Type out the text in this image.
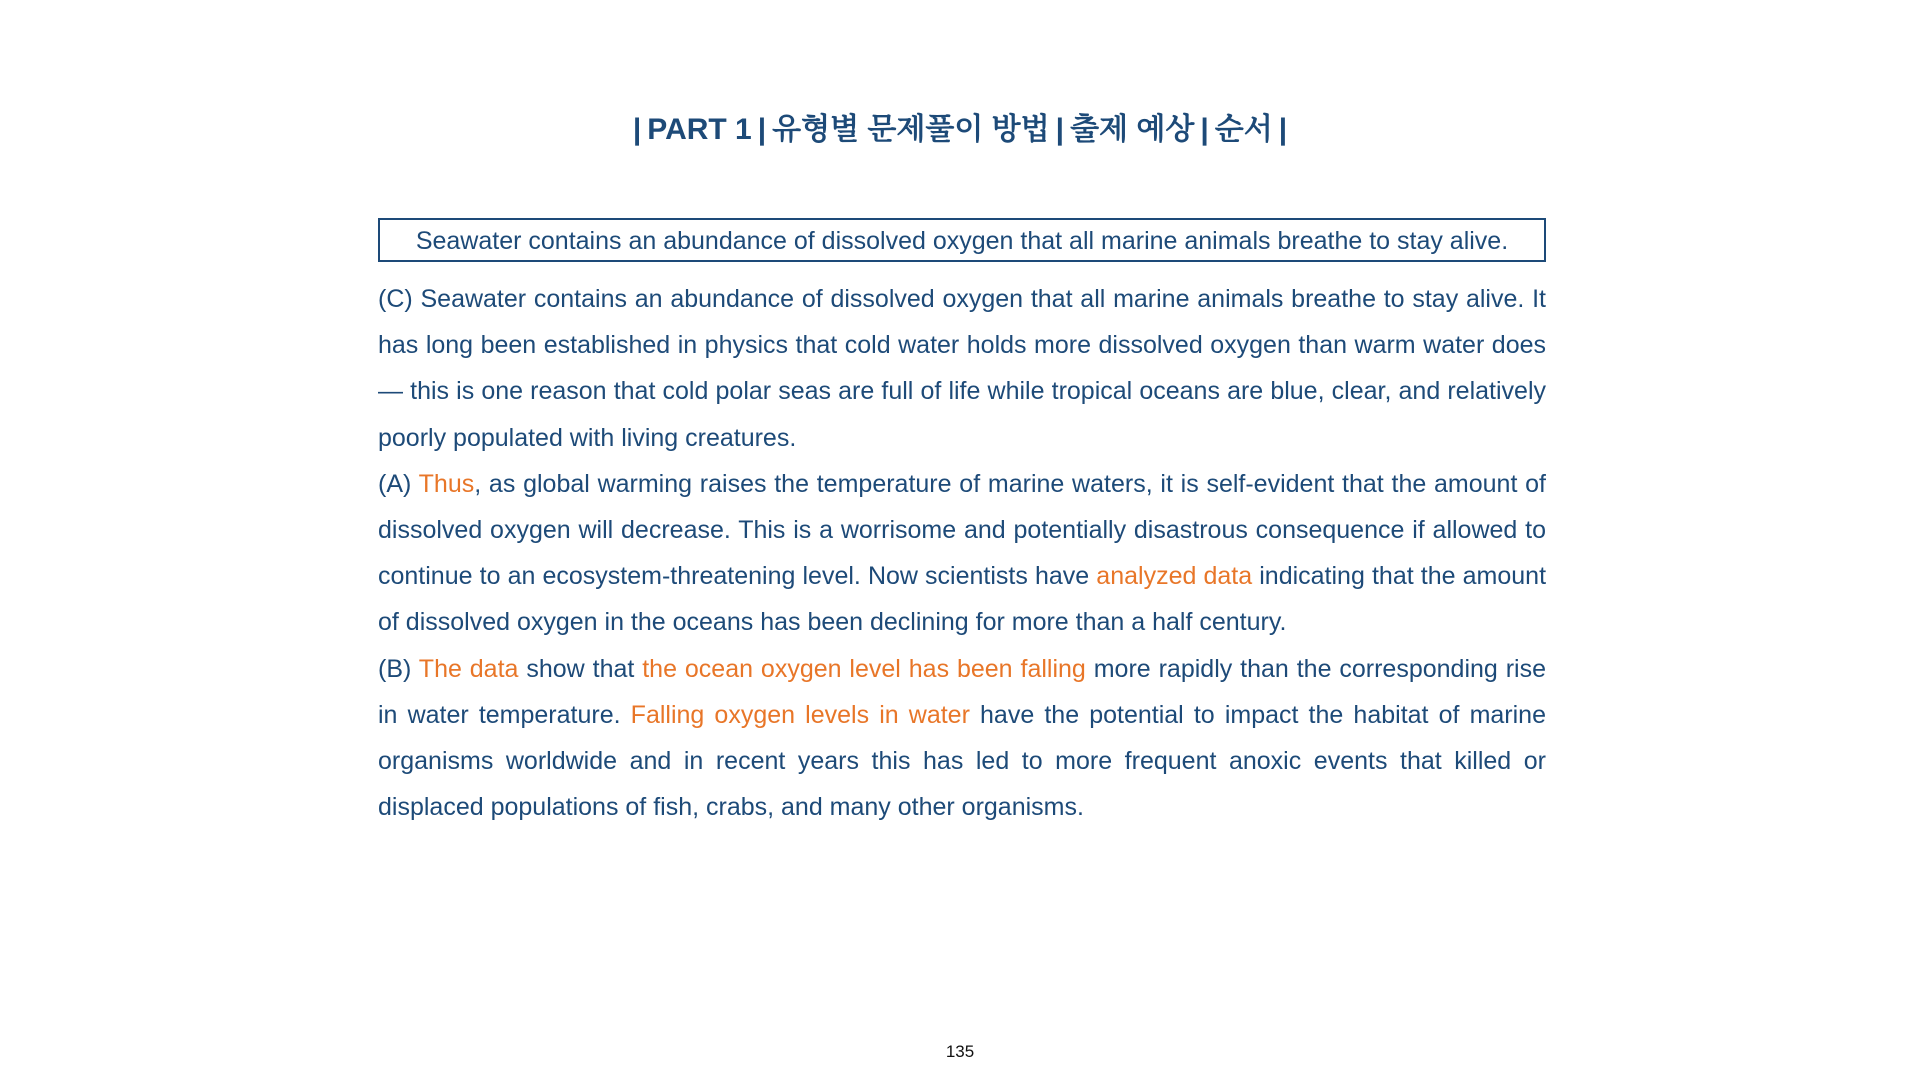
| PART 1 | 유형별 문제풀이 방법 | 출제 예상 | 순서 |
Seawater contains an abundance of dissolved oxygen that all marine animals breathe to stay alive.

(C) Seawater contains an abundance of dissolved oxygen that all marine animals breathe to stay alive. It has long been established in physics that cold water holds more dissolved oxygen than warm water does — this is one reason that cold polar seas are full of life while tropical oceans are blue, clear, and relatively poorly populated with living creatures.

(A) Thus, as global warming raises the temperature of marine waters, it is self-evident that the amount of dissolved oxygen will decrease. This is a worrisome and potentially disastrous consequence if allowed to continue to an ecosystem-threatening level. Now scientists have analyzed data indicating that the amount of dissolved oxygen in the oceans has been declining for more than a half century.

(B) The data show that the ocean oxygen level has been falling more rapidly than the corresponding rise in water temperature. Falling oxygen levels in water have the potential to impact the habitat of marine organisms worldwide and in recent years this has led to more frequent anoxic events that killed or displaced populations of fish, crabs, and many other organisms.

135
